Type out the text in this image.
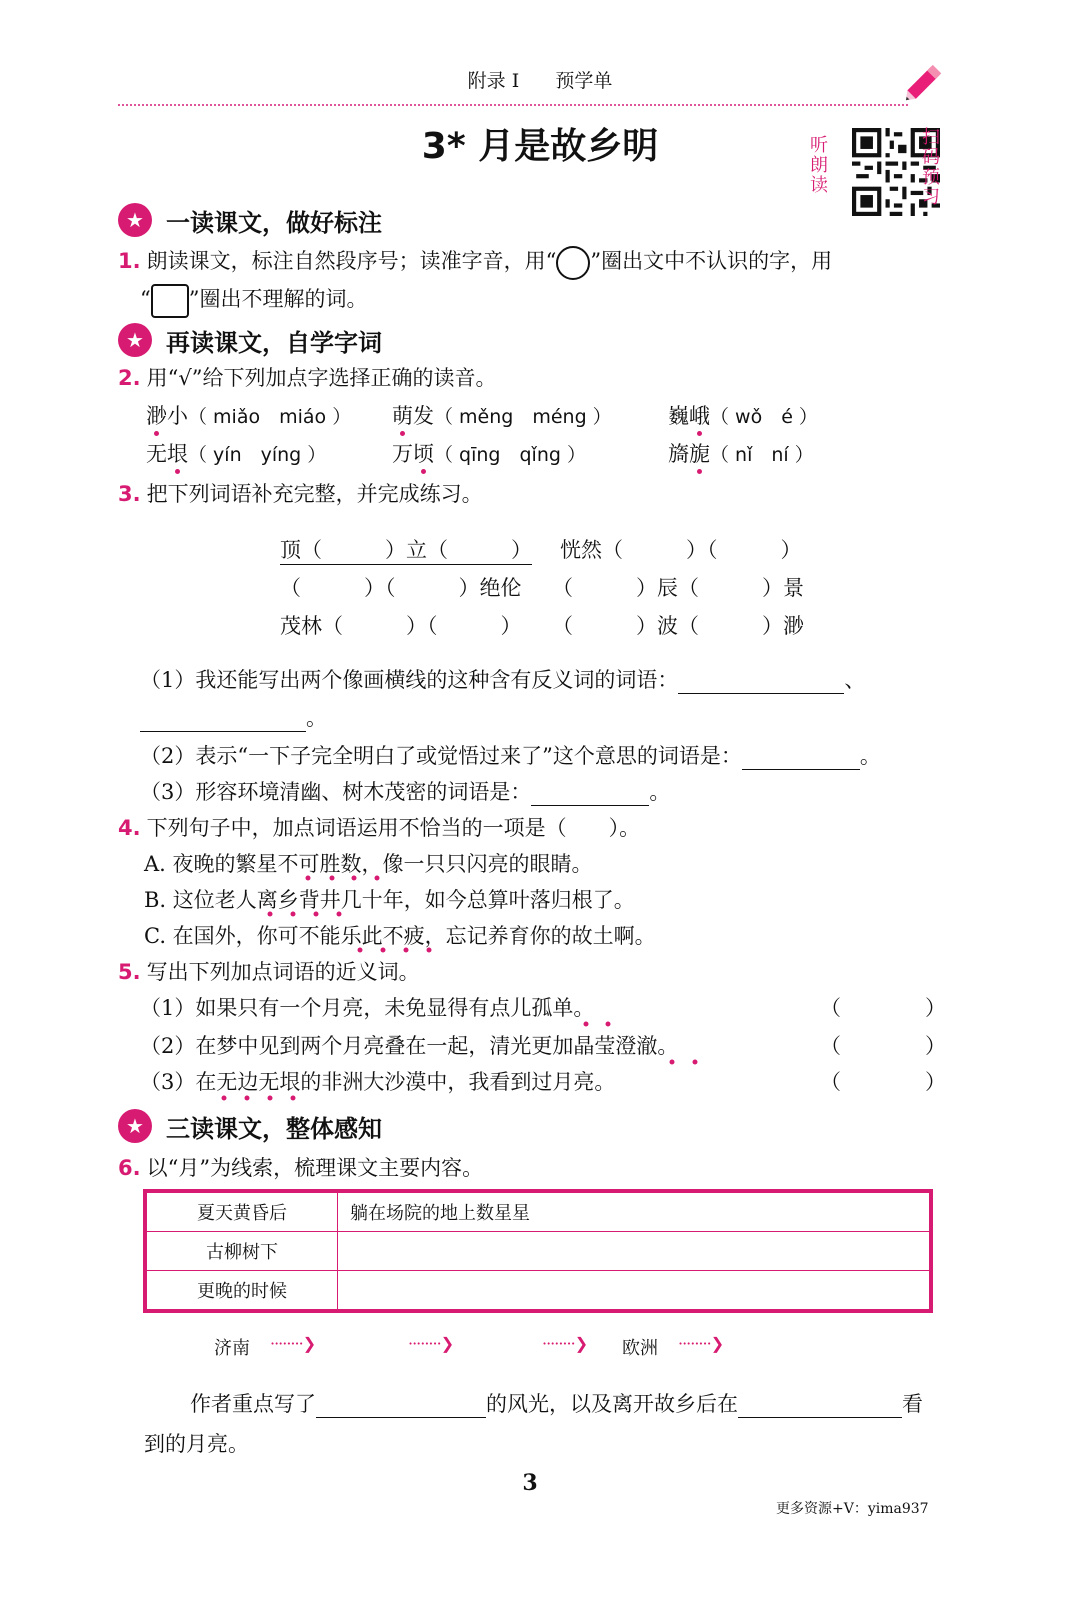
附录 I 预学单
3* 月是故乡明	听朗读
扫码预习
★ 一读课文，做好标注
1. 朗读课文，标注自然段序号；读准字音，用“○”圈出文中不认识的字，用
“ ”圈出不理解的词。
★ 再读课文，自学字词
2. 用“√”给下列加点字选择正确的读音。
渺小（ miǎo　miáo ） 萌发（ měng　méng ）	巍峨（ wǒ　é ）
无垠（ yín　yíng ）	万顷（ qīng　qǐng ）	旖旎（ nǐ　ní ）
3. 把下列词语补充完整，并完成练习。
顶（　　　）立（　　　） 恍然（　　　）（　　　）
（　　　）（　　　）绝伦 （　　　）辰（　　　）景
茂林（　　　）（　　　） （　　　）波（　　　）渺
（1）我还能写出两个像画横线的这种含有反义词的词语：	、
。
（2）表示“一下子完全明白了或觉悟过来了”这个意思的词语是：	。
（3）形容环境清幽、树木茂密的词语是：	。
4. 下列句子中，加点词语运用不恰当的一项是（　　）。
A. 夜晚的繁星不可胜数，像一只只闪亮的眼睛。
B. 这位老人离乡背井几十年，如今总算叶落归根了。
C. 在国外，你可不能乐此不疲，忘记养育你的故土啊。
5. 写出下列加点词语的近义词。
（1）如果只有一个月亮，未免显得有点儿孤单。	（　　　　）
（2）在梦中见到两个月亮叠在一起，清光更加晶莹澄澈。	（　　　　）
（3）在无边无垠的非洲大沙漠中，我看到过月亮。	（　　　　）
★ 三读课文，整体感知
6. 以“月”为线索，梳理课文主要内容。
夏天黄昏后	躺在场院的地上数星星
古柳树下	
更晚的时候	
济南 ········❯	········❯	········❯ 欧洲 ········❯
作者重点写了	的风光，以及离开故乡后在	看
到的月亮。
3
更多资源+V：yima937
